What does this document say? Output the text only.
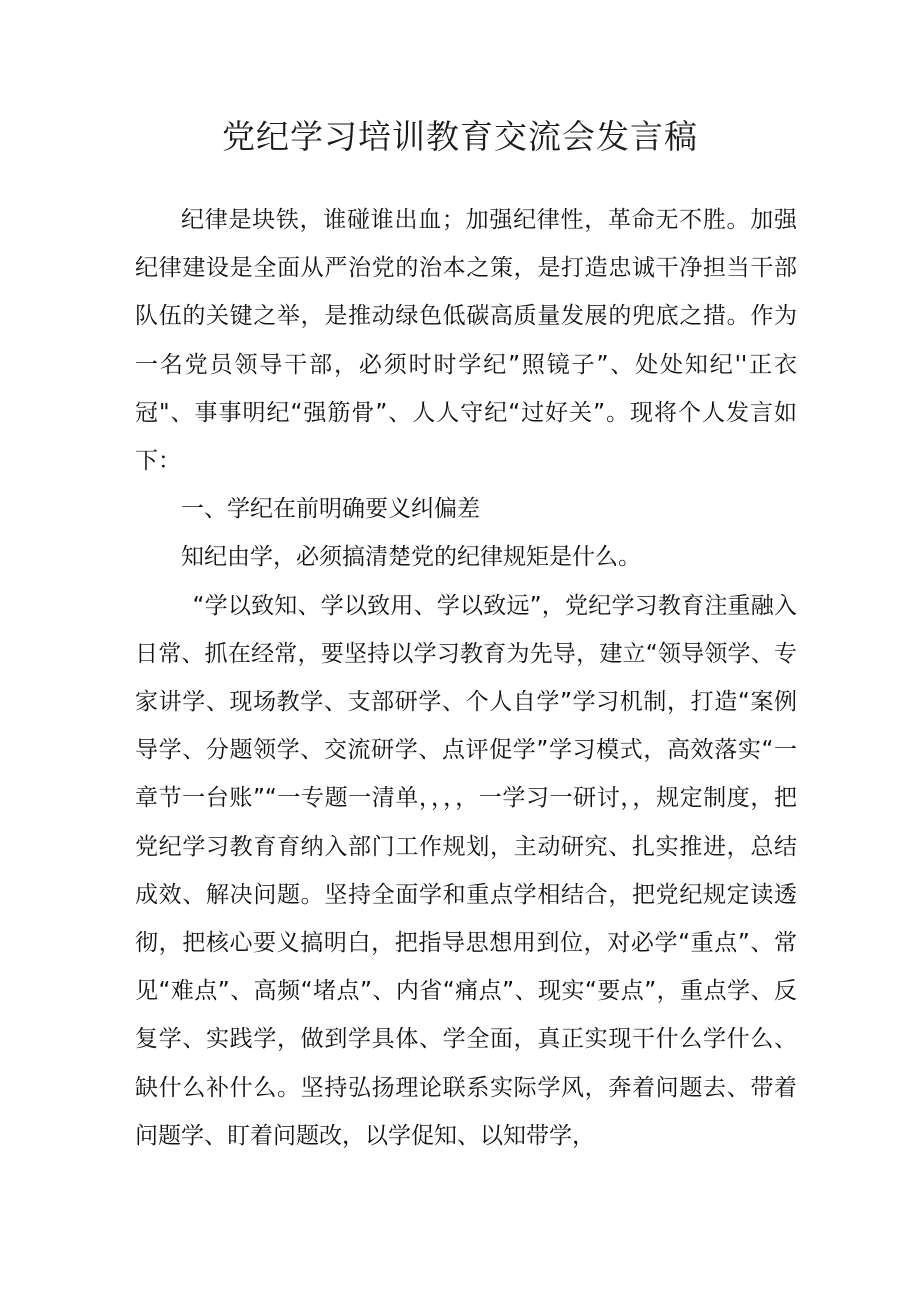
党纪学习培训教育交流会发言稿

纪律是块铁，谁碰谁出血；加强纪律性，革命无不胜。加强纪律建设是全面从严治党的治本之策，是打造忠诚干净担当干部队伍的关键之举，是推动绿色低碳高质量发展的兜底之措。作为一名党员领导干部，必须时时学纪”照镜子”、处处知纪''正衣冠"、事事明纪“强筋骨”、人人守纪“过好关”。现将个人发言如下：

一、学纪在前明确要义纠偏差

知纪由学，必须搞清楚党的纪律规矩是什么。

“学以致知、学以致用、学以致远”，党纪学习教育注重融入日常、抓在经常，要坚持以学习教育为先导，建立“领导领学、专家讲学、现场教学、支部研学、个人自学”学习机制，打造“案例导学、分题领学、交流研学、点评促学”学习模式，高效落实“一章节一台账”“一专题一清单，，，，一学习一研讨，，规定制度，把党纪学习教育育纳入部门工作规划，主动研究、扎实推进，总结成效、解决问题。坚持全面学和重点学相结合，把党纪规定读透彻，把核心要义搞明白，把指导思想用到位，对必学“重点”、常见“难点”、高频“堵点”、内省“痛点”、现实“要点”，重点学、反复学、实践学，做到学具体、学全面，真正实现干什么学什么、缺什么补什么。坚持弘扬理论联系实际学风，奔着问题去、带着问题学、盯着问题改，以学促知、以知带学，
